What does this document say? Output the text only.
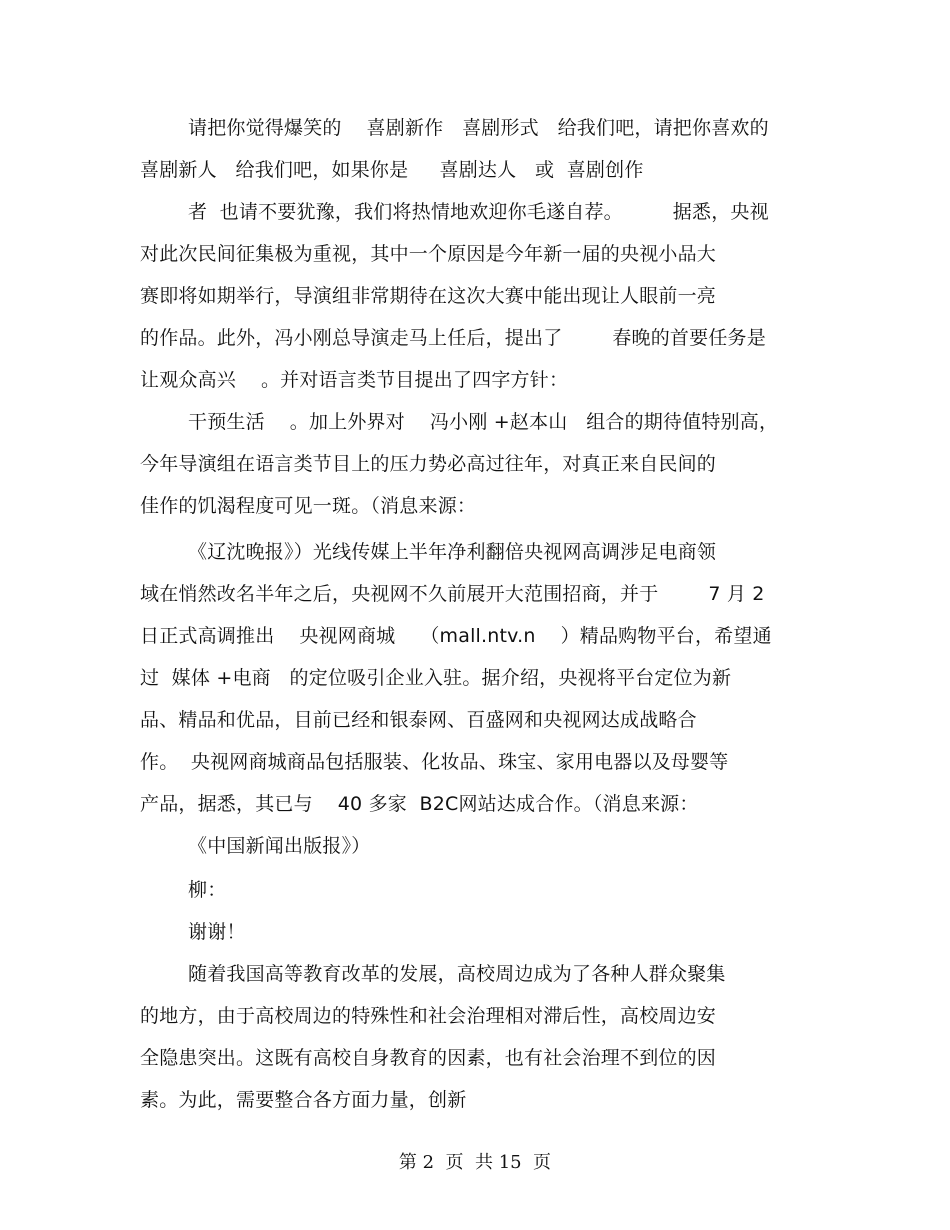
请把你觉得爆笑的    喜剧新作   喜剧形式   给我们吧，请把你喜欢的
喜剧新人   给我们吧，如果你是     喜剧达人   或  喜剧创作
者  也请不要犹豫，我们将热情地欢迎你毛遂自荐。        据悉，央视
对此次民间征集极为重视，其中一个原因是今年新一届的央视小品大
赛即将如期举行，导演组非常期待在这次大赛中能出现让人眼前一亮
的作品。此外，冯小刚总导演走马上任后，提出了        春晚的首要任务是
让观众高兴    。并对语言类节目提出了四字方针：
干预生活    。加上外界对    冯小刚 +赵本山   组合的期待值特别高，
今年导演组在语言类节目上的压力势必高过往年，对真正来自民间的
佳作的饥渴程度可见一斑。（消息来源：
《辽沈晚报》）光线传媒上半年净利翻倍央视网高调涉足电商领
域在悄然改名半年之后，央视网不久前展开大范围招商，并于        7 月 2
日正式高调推出    央视网商城    （mall.ntv.n    ）精品购物平台，希望通
过  媒体 +电商   的定位吸引企业入驻。据介绍，央视将平台定位为新
品、精品和优品，目前已经和银泰网、百盛网和央视网达成战略合
作。  央视网商城商品包括服装、化妆品、珠宝、家用电器以及母婴等
产品，据悉，其已与    40 多家  B2C网站达成合作。（消息来源：
《中国新闻出版报》）
柳：
谢谢！
随着我国高等教育改革的发展，高校周边成为了各种人群众聚集
的地方，由于高校周边的特殊性和社会治理相对滞后性，高校周边安
全隐患突出。这既有高校自身教育的因素，也有社会治理不到位的因
素。为此，需要整合各方面力量，创新
第 2  页  共 15  页
